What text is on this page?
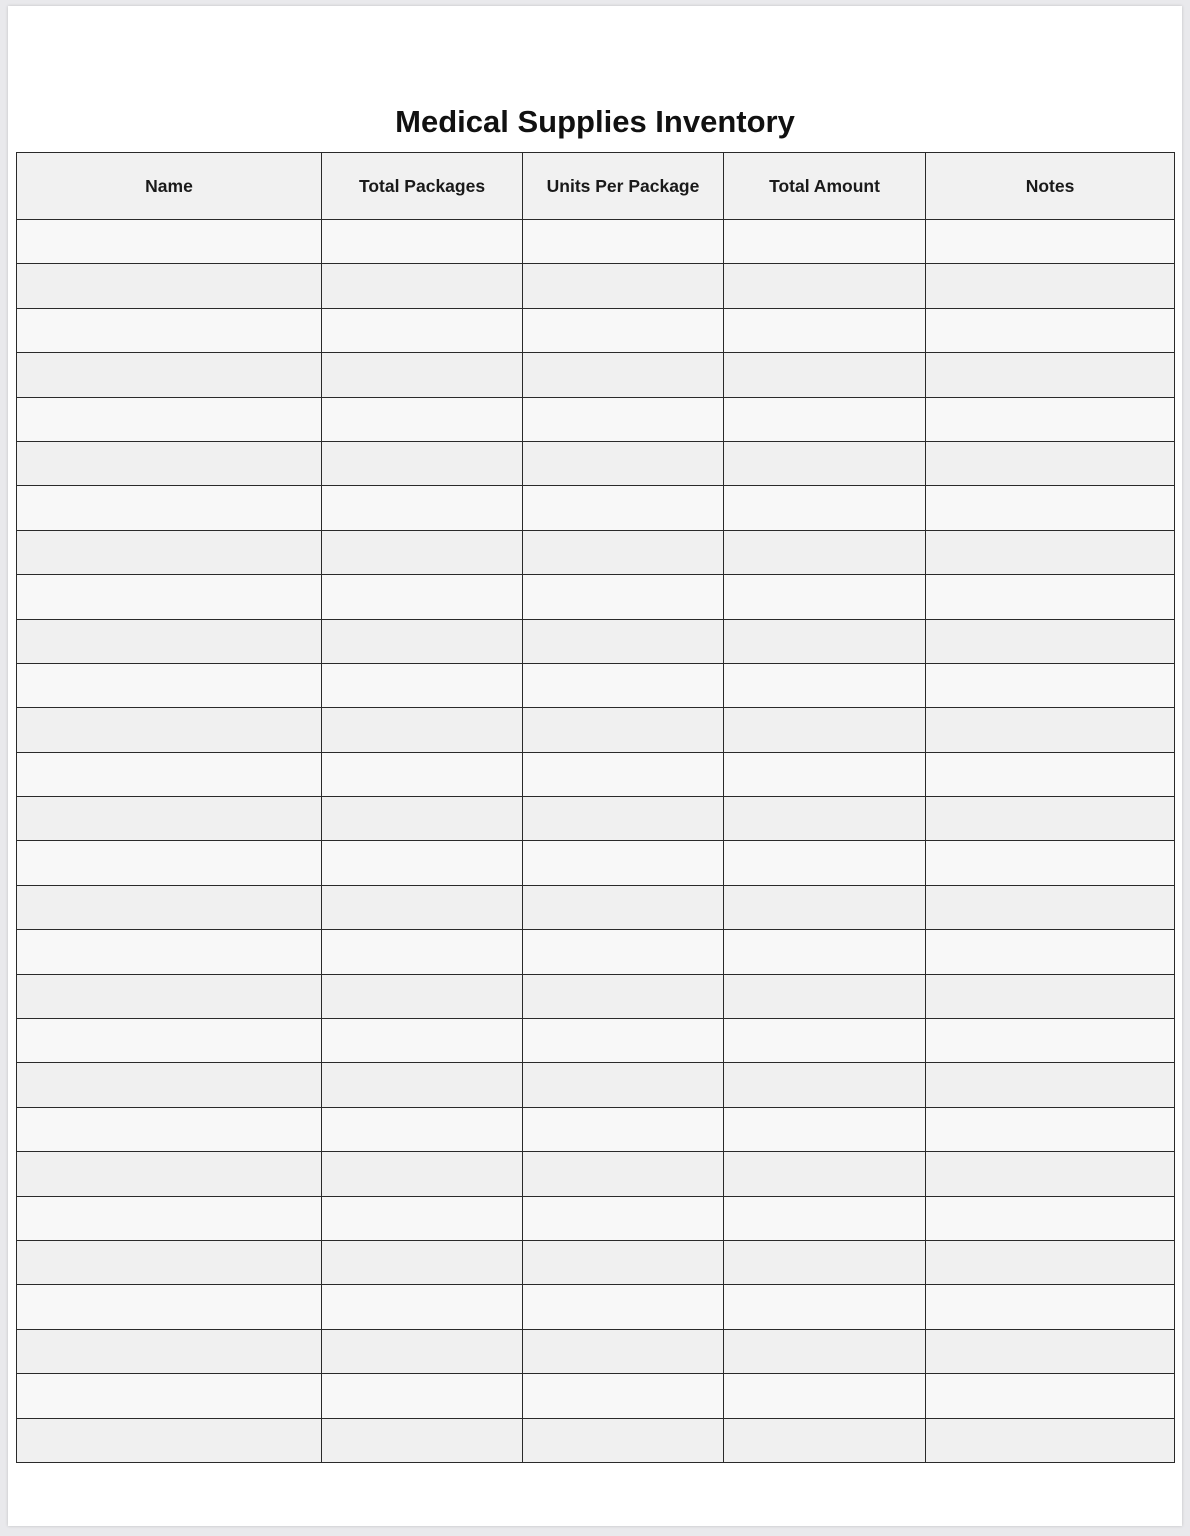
Medical Supplies Inventory
Name	Total Packages	Units Per Package	Total Amount	Notes
